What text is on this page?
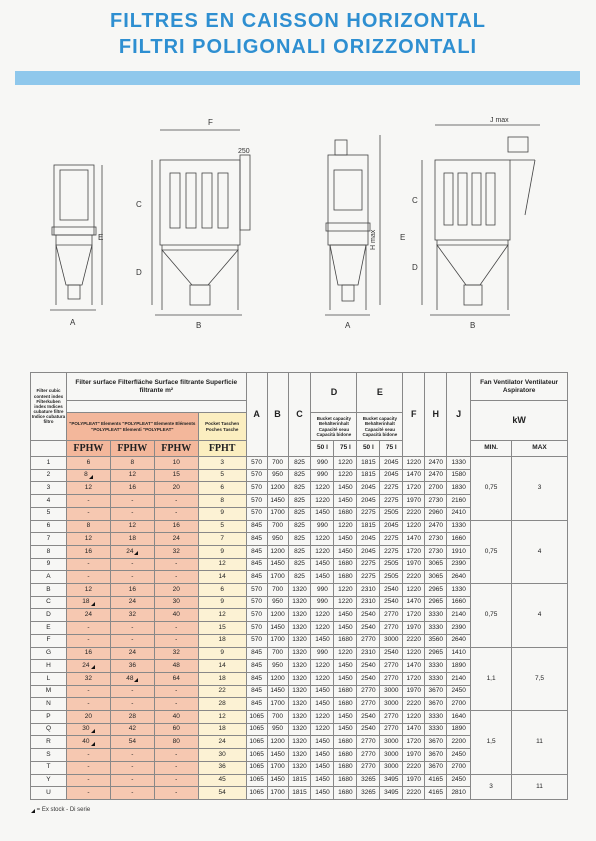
FILTRES EN CAISSON HORIZONTAL
FILTRI POLIGONALI ORIZZONTALI
A
E
F
250
C
D
B	A
H max
J max
C
D
E
B
Filter cubic content index Filterkuben index Indices cubature filtre Indice cubatura filtro	Filter surface Filterfläche Surface filtrante Superficie filtrante m²				A	B	C	D		E		F	H	J	Fan Ventilator Ventilateur Aspiratore	
															kW	
	"POLYPLEAT" Elements "POLYPLEAT" Elemente Eléments "POLYPLEAT" Elementi "POLYPLEAT"			Pocket Taschen Poches Tasche				Bucket capacity Behälterinhalt Capacité seau Capacità bidone		Bucket capacity Behälterinhalt Capacité seau Capacità bidone						
	FPHW	FPHW	FPHW	FPHT				50 l	75 l	50 l	75 l				MIN.	MAX
1	6	8	10	3	570	700	825	990	1220	1815	2045	1220	2470	1330	0,75	3
2	8	12	15	5	570	950	825	990	1220	1815	2045	1470	2470	1580		
3	12	16	20	6	570	1200	825	1220	1450	2045	2275	1720	2700	1830		
4	-	-	-	8	570	1450	825	1220	1450	2045	2275	1970	2730	2160		
5	-	-	-	9	570	1700	825	1450	1680	2275	2505	2220	2960	2410		
6	8	12	16	5	845	700	825	990	1220	1815	2045	1220	2470	1330	0,75	4
7	12	18	24	7	845	950	825	1220	1450	2045	2275	1470	2730	1660		
8	16	24	32	9	845	1200	825	1220	1450	2045	2275	1720	2730	1910		
9	-	-	-	12	845	1450	825	1450	1680	2275	2505	1970	3065	2390		
A	-	-	-	14	845	1700	825	1450	1680	2275	2505	2220	3065	2640		
B	12	16	20	6	570	700	1320	990	1220	2310	2540	1220	2965	1330	0,75	4
C	18	24	30	9	570	950	1320	990	1220	2310	2540	1470	2965	1660		
D	24	32	40	12	570	1200	1320	1220	1450	2540	2770	1720	3330	2140		
E	-	-	-	15	570	1450	1320	1220	1450	2540	2770	1970	3330	2390		
F	-	-	-	18	570	1700	1320	1450	1680	2770	3000	2220	3560	2640		
G	16	24	32	9	845	700	1320	990	1220	2310	2540	1220	2965	1410	1,1	7,5
H	24	36	48	14	845	950	1320	1220	1450	2540	2770	1470	3330	1890		
L	32	48	64	18	845	1200	1320	1220	1450	2540	2770	1720	3330	2140		
M	-	-	-	22	845	1450	1320	1450	1680	2770	3000	1970	3670	2450		
N	-	-	-	28	845	1700	1320	1450	1680	2770	3000	2220	3670	2700		
P	20	28	40	12	1065	700	1320	1220	1450	2540	2770	1220	3330	1640	1,5	11
Q	30	42	60	18	1065	950	1320	1220	1450	2540	2770	1470	3330	1890		
R	40	54	80	24	1065	1200	1320	1450	1680	2770	3000	1720	3670	2200		
S	-	-	-	30	1065	1450	1320	1450	1680	2770	3000	1970	3670	2450		
T	-	-	-	36	1065	1700	1320	1450	1680	2770	3000	2220	3670	2700		
Y	-	-	-	45	1065	1450	1815	1450	1680	3265	3495	1970	4165	2450	3	11
U	-	-	-	54	1065	1700	1815	1450	1680	3265	3495	2220	4165	2810		
= Ex stock - Di serie
